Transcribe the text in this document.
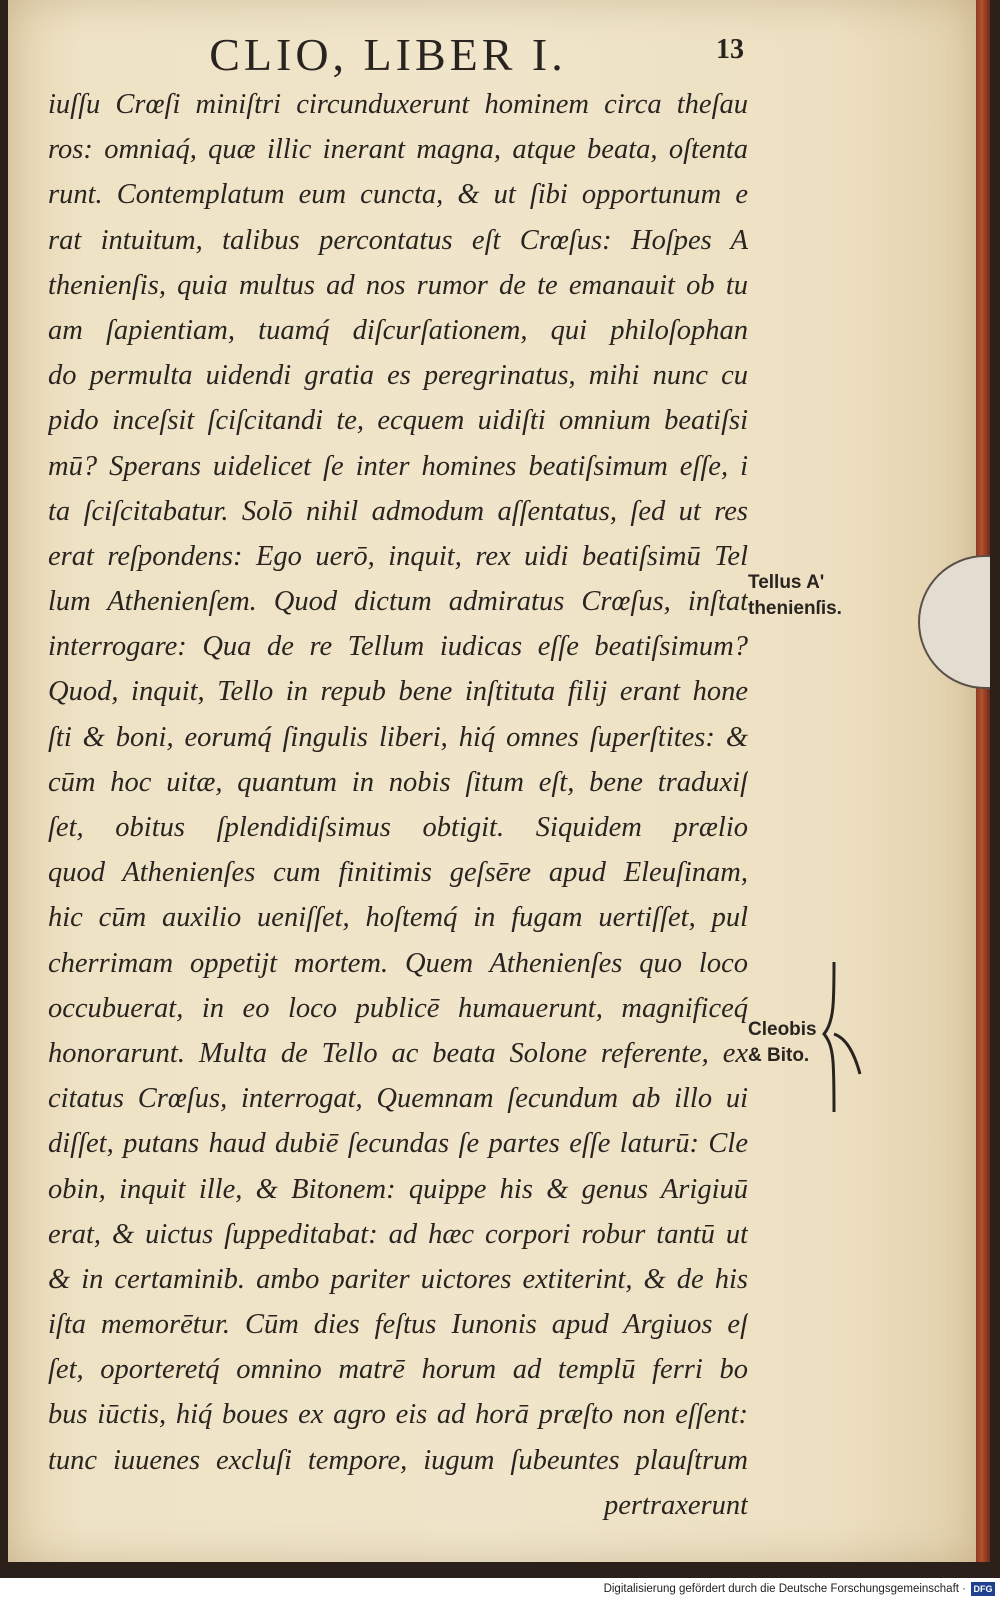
CLIO, LIBER I.	13
iuſſu Crœſi miniſtri circunduxerunt hominem circa theſau
ros: omniaq́, quæ illic inerant magna, atque beata, oſtenta
runt. Contemplatum eum cuncta, & ut ſibi opportunum e
rat intuitum, talibus percontatus eſt Crœſus: Hoſpes A
thenienſis, quia multus ad nos rumor de te emanauit ob tu
am ſapientiam, tuamq́ diſcurſationem, qui philoſophan
do permulta uidendi gratia es peregrinatus, mihi nunc cu
pido inceſsit ſciſcitandi te, ecquem uidiſti omnium beatiſsi
mū? Sperans uidelicet ſe inter homines beatiſsimum eſſe, i
ta ſciſcitabatur. Solō nihil admodum aſſentatus, ſed ut res
erat reſpondens: Ego uerō, inquit, rex uidi beatiſsimū Tel
lum Athenienſem. Quod dictum admiratus Crœſus, inſtat
interrogare: Qua de re Tellum iudicas eſſe beatiſsimum?
Quod, inquit, Tello in repub bene inſtituta filij erant hone
ſti & boni, eorumq́ ſingulis liberi, hiq́ omnes ſuperſtites: &
cūm hoc uitæ, quantum in nobis ſitum eſt, bene traduxiſ
ſet, obitus ſplendidiſsimus obtigit. Siquidem prælio
quod Athenienſes cum finitimis geſsēre apud Eleuſinam,
hic cūm auxilio ueniſſet, hoſtemq́ in fugam uertiſſet, pul
cherrimam oppetijt mortem. Quem Athenienſes quo loco
occubuerat, in eo loco publicē humauerunt, magnificeq́
honorarunt. Multa de Tello ac beata Solone referente, ex
citatus Crœſus, interrogat, Quemnam ſecundum ab illo ui
diſſet, putans haud dubiē ſecundas ſe partes eſſe laturū: Cle
obin, inquit ille, & Bitonem: quippe his & genus Arigiuū
erat, & uictus ſuppeditabat: ad hæc corpori robur tantū ut
& in certaminib. ambo pariter uictores extiterint, & de his
iſta memorētur. Cūm dies feſtus Iunonis apud Argiuos eſ
ſet, oporteretq́ omnino matrē horum ad templū ferri bo
bus iūctis, hiq́ boues ex agro eis ad horā præſto non eſſent:
tunc iuuenes excluſi tempore, iugum ſubeuntes plauſtrum
pertraxerunt
Tellus A'
thenienſis.
Cleobis
& Bito.
Digitalisierung gefördert durch die Deutsche Forschungsgemeinschaft · DFG
